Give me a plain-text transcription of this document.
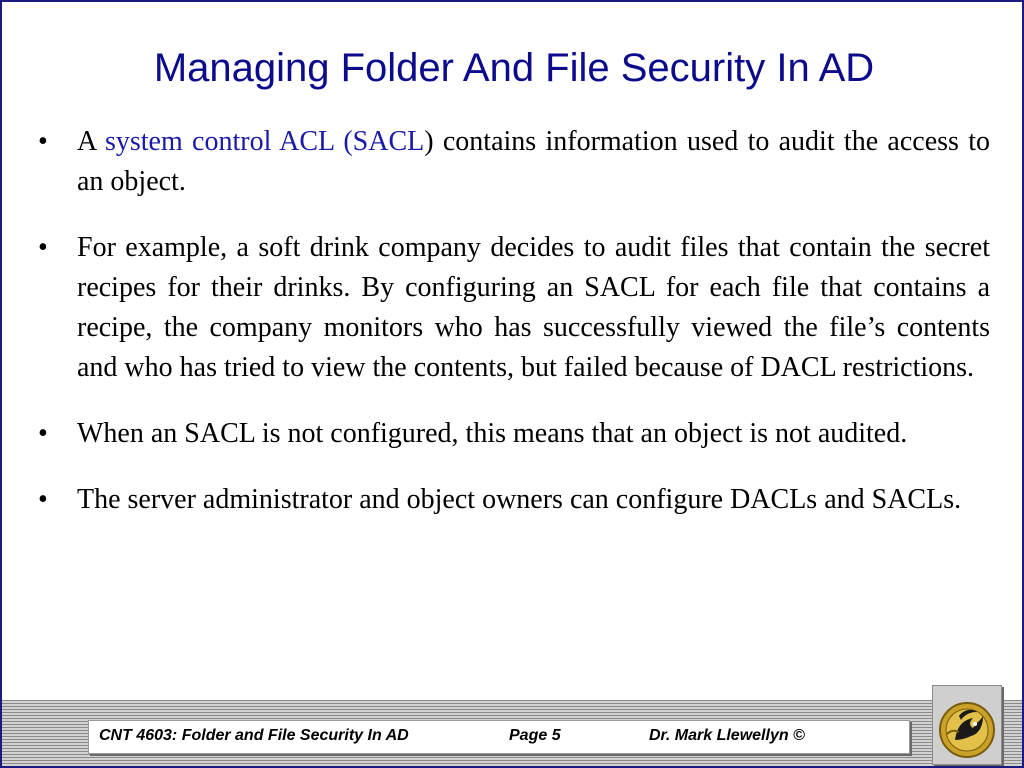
Managing Folder And File Security In AD
• A system control ACL (SACL) contains information used to audit the access to an object.
• For example, a soft drink company decides to audit files that contain the secret recipes for their drinks. By configuring an SACL for each file that contains a recipe, the company monitors who has successfully viewed the file’s contents and who has tried to view the contents, but failed because of DACL restrictions.
• When an SACL is not configured, this means that an object is not audited.
• The server administrator and object owners can configure DACLs and SACLs.
CNT 4603: Folder and File Security In AD	Page 5	Dr. Mark Llewellyn ©
